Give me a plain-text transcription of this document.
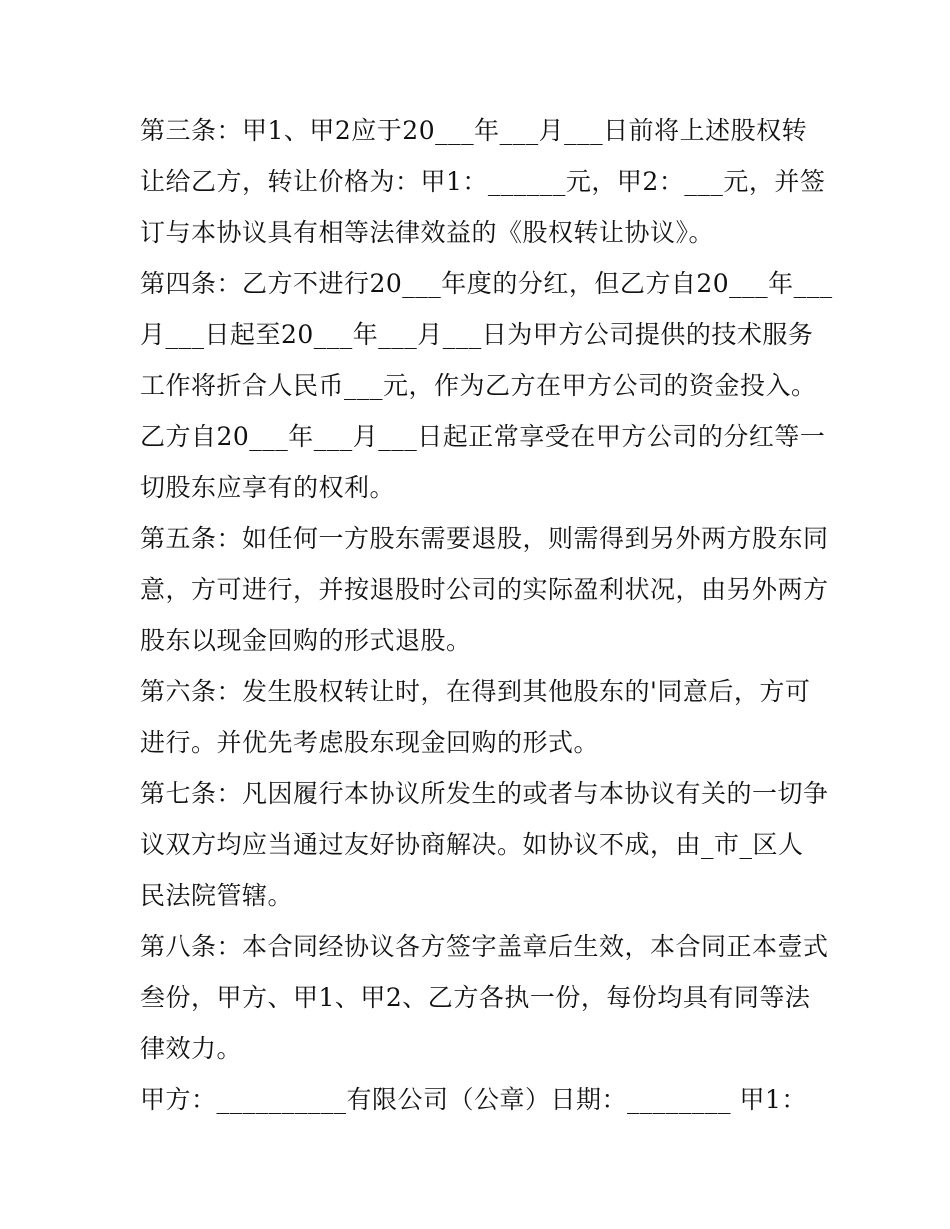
第三条：甲1、甲2应于20___年___月___日前将上述股权转
让给乙方，转让价格为：甲1：______元，甲2：___元，并签
订与本协议具有相等法律效益的《股权转让协议》。
第四条：乙方不进行20___年度的分红，但乙方自20___年___
月___日起至20___年___月___日为甲方公司提供的技术服务
工作将折合人民币___元，作为乙方在甲方公司的资金投入。
乙方自20___年___月___日起正常享受在甲方公司的分红等一
切股东应享有的权利。
第五条：如任何一方股东需要退股，则需得到另外两方股东同
意，方可进行，并按退股时公司的实际盈利状况，由另外两方
股东以现金回购的形式退股。
第六条：发生股权转让时，在得到其他股东的'同意后，方可
进行。并优先考虑股东现金回购的形式。
第七条：凡因履行本协议所发生的或者与本协议有关的一切争
议双方均应当通过友好协商解决。如协议不成，由_市_区人
民法院管辖。
第八条：本合同经协议各方签字盖章后生效，本合同正本壹式
叁份，甲方、甲1、甲2、乙方各执一份，每份均具有同等法
律效力。
甲方：__________有限公司（公章）日期：________ 甲1：
